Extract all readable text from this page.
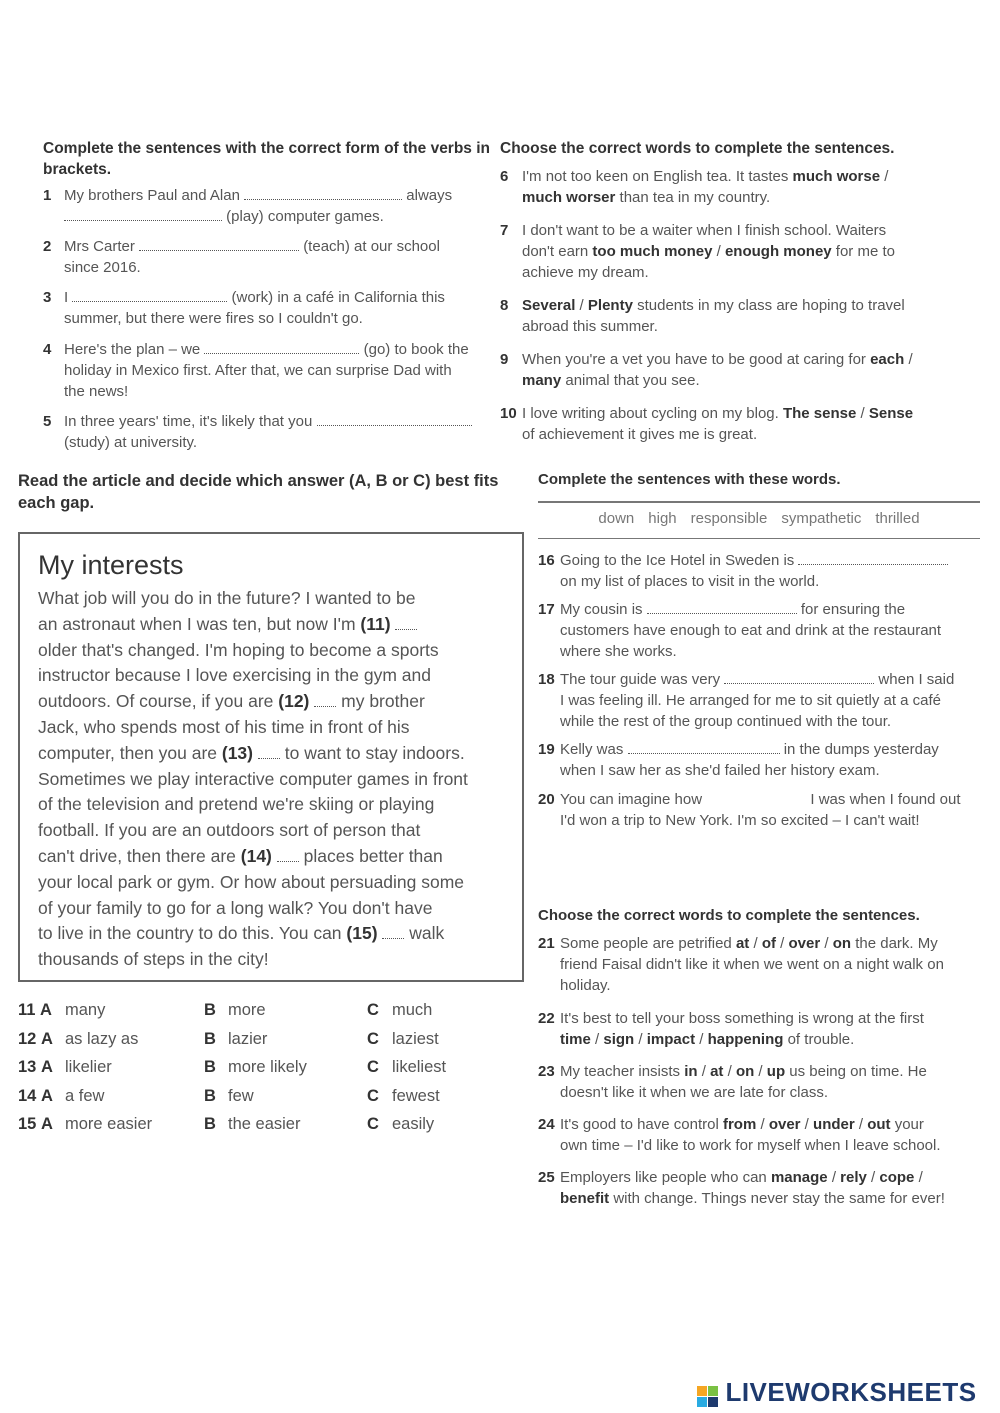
Complete the sentences with the correct form of the verbs in brackets.
1 My brothers Paul and Alan	always
(play) computer games.
2 Mrs Carter	(teach) at our school
since 2016.
3 I	(work) in a café in California this
summer, but there were fires so I couldn't go.
4 Here's the plan – we	(go) to book the
holiday in Mexico first. After that, we can surprise Dad with
the news!
5 In three years' time, it's likely that you
(study) at university.
Choose the correct words to complete the sentences.
6 I'm not too keen on English tea. It tastes much worse /
much worser than tea in my country.
7 I don't want to be a waiter when I finish school. Waiters
don't earn too much money / enough money for me to
achieve my dream.
8 Several / Plenty students in my class are hoping to travel
abroad this summer.
9 When you're a vet you have to be good at caring for each /
many animal that you see.
10 I love writing about cycling on my blog. The sense / Sense
of achievement it gives me is great.
Read the article and decide which answer (A, B or C) best fits each gap.
My interests
What job will you do in the future? I wanted to be
an astronaut when I was ten, but now I'm (11)
older that's changed. I'm hoping to become a sports
instructor because I love exercising in the gym and
outdoors. Of course, if you are (12)  my brother
Jack, who spends most of his time in front of his
computer, then you are (13)  to want to stay indoors.
Sometimes we play interactive computer games in front
of the television and pretend we're skiing or playing
football. If you are an outdoors sort of person that
can't drive, then there are (14)  places better than
your local park or gym. Or how about persuading some
of your family to go for a long walk? You don't have
to live in the country to do this. You can (15)  walk
thousands of steps in the city!
11 A many	B more	C much
12 A as lazy as	B lazier	C laziest
13 A likelier	B more likely	C likeliest
14 A a few	B few	C fewest
15 A more easier	B the easier	C easily
Complete the sentences with these words.
down high responsible sympathetic thrilled
16 Going to the Ice Hotel in Sweden is
on my list of places to visit in the world.
17 My cousin is	for ensuring the
customers have enough to eat and drink at the restaurant
where she works.
18 The tour guide was very	when I said
I was feeling ill. He arranged for me to sit quietly at a café
while the rest of the group continued with the tour.
19 Kelly was	in the dumps yesterday
when I saw her as she'd failed her history exam.
20 You can imagine how	I was when I found out
I'd won a trip to New York. I'm so excited – I can't wait!
Choose the correct words to complete the sentences.
21 Some people are petrified at / of / over / on the dark. My
friend Faisal didn't like it when we went on a night walk on
holiday.
22 It's best to tell your boss something is wrong at the first
time / sign / impact / happening of trouble.
23 My teacher insists in / at / on / up us being on time. He
doesn't like it when we are late for class.
24 It's good to have control from / over / under / out your
own time – I'd like to work for myself when I leave school.
25 Employers like people who can manage / rely / cope /
benefit with change. Things never stay the same for ever!
LIVEWORKSHEETS
